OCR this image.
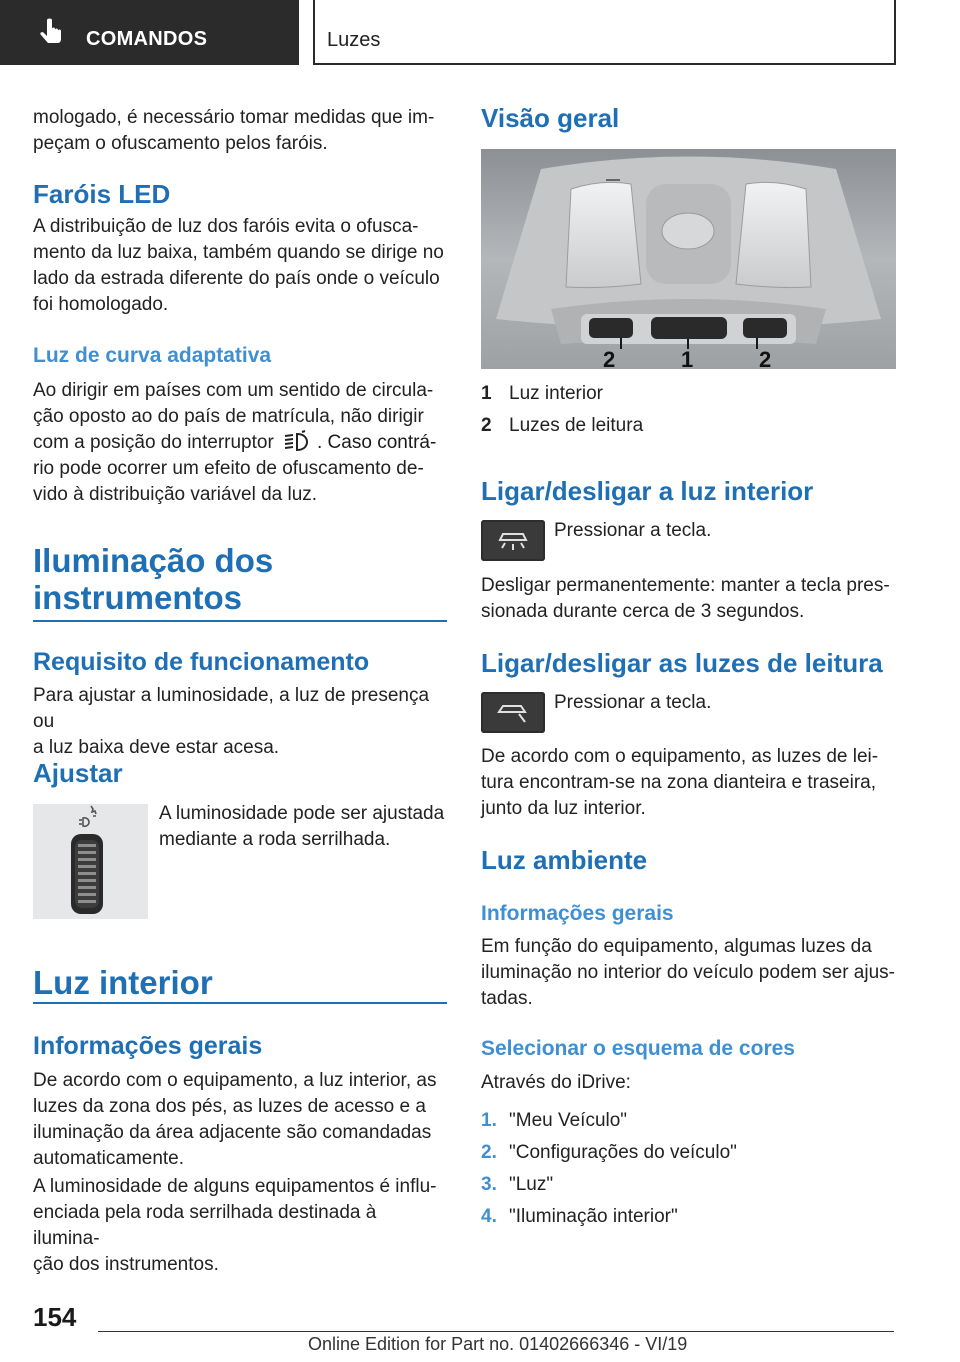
COMANDOS	Luzes

mologado, é necessário tomar medidas que im-
peçam o ofuscamento pelos faróis.

Faróis LED

A distribuição de luz dos faróis evita o ofusca-
mento da luz baixa, também quando se dirige no
lado da estrada diferente do país onde o veículo
foi homologado.

Luz de curva adaptativa

Ao dirigir em países com um sentido de circula-
ção oposto ao do país de matrícula, não dirigir
com a posição do interruptor	. Caso contrá-

rio pode ocorrer um efeito de ofuscamento de-
vido à distribuição variável da luz.

Iluminação dos
instrumentos
Requisito de funcionamento

Para ajustar a luminosidade, a luz de presença ou
a luz baixa deve estar acesa.

Ajustar

A luminosidade pode ser ajustada
mediante a roda serrilhada.

Luz interior
Informações gerais

De acordo com o equipamento, a luz interior, as
luzes da zona dos pés, as luzes de acesso e a
iluminação da área adjacente são comandadas
automaticamente.

A luminosidade de alguns equipamentos é influ-
enciada pela roda serrilhada destinada à ilumina-
ção dos instrumentos.

Visão geral
2	1	2
1 Luz interior
2 Luzes de leitura
Ligar/desligar a luz interior

Pressionar a tecla.

Desligar permanentemente: manter a tecla pres-
sionada durante cerca de 3 segundos.

Ligar/desligar as luzes de leitura

Pressionar a tecla.

De acordo com o equipamento, as luzes de lei-
tura encontram-se na zona dianteira e traseira,
junto da luz interior.

Luz ambiente
Informações gerais

Em função do equipamento, algumas luzes da
iluminação no interior do veículo podem ser ajus-
tadas.

Selecionar o esquema de cores

Através do iDrive:

1. "Meu Veículo"
2. "Configurações do veículo"
3. "Luz"
4. "Iluminação interior"
154
Online Edition for Part no. 01402666346 - VI/19
